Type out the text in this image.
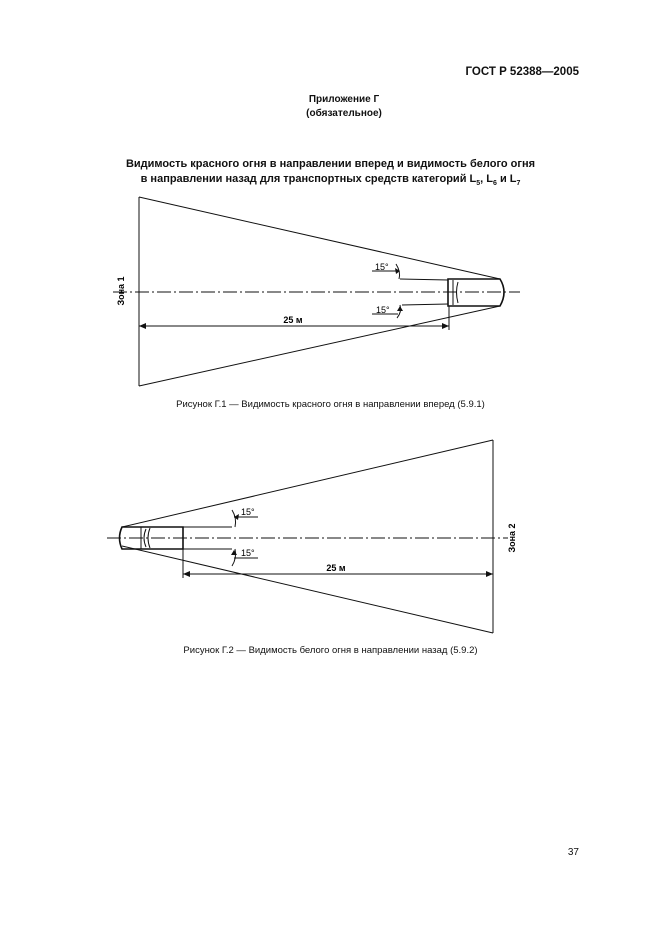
ГОСТ Р 52388—2005
Приложение Г
(обязательное)
Видимость красного огня в направлении вперед и видимость белого огня
в направлении назад для транспортных средств категорий $L_5$, $L_6$ и $L_7$
Зона 1
15°
15°
25 м
Рисунок Г.1 — Видимость красного огня в направлении вперед (5.9.1)
Зона 2
15°
15°
25 м
Рисунок Г.2 — Видимость белого огня в направлении назад (5.9.2)
37
